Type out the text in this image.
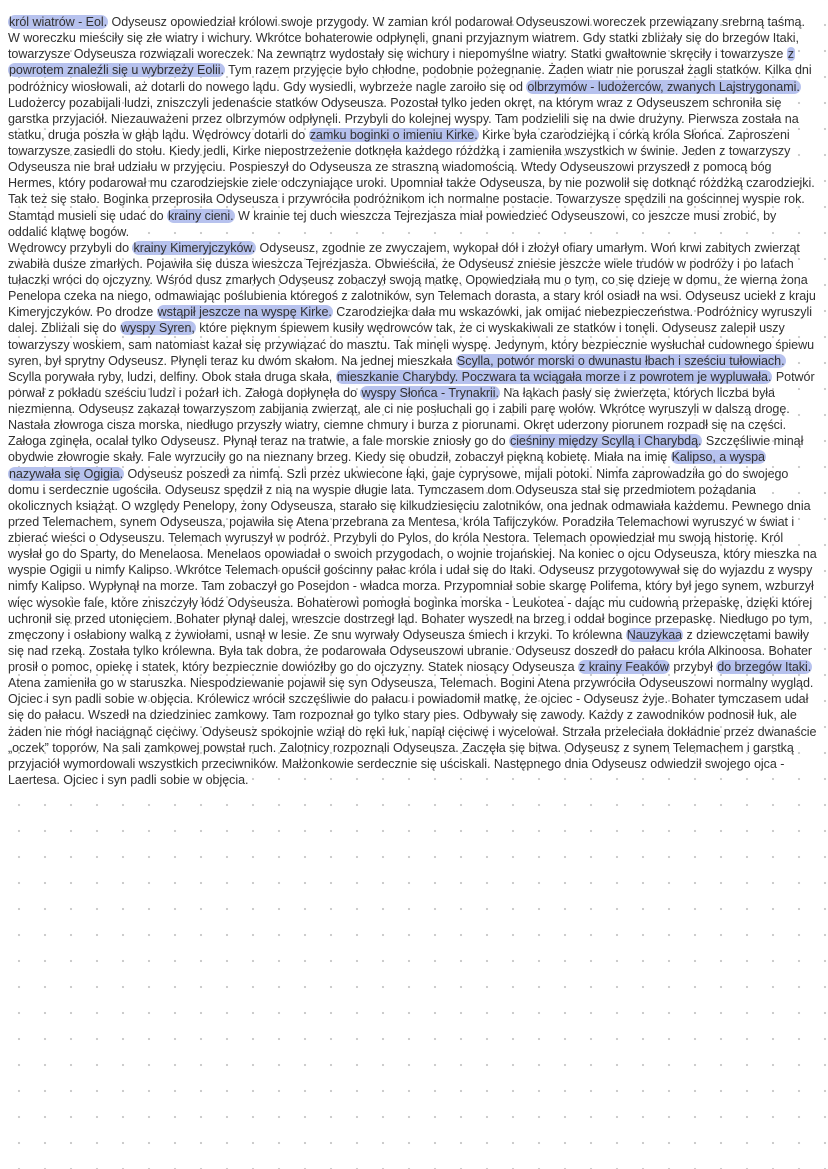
król wiatrów - Eol. Odyseusz opowiedział królowi swoje przygody. W zamian król podarował Odyseuszowi woreczek przewiązany srebrną taśmą. W woreczku mieściły się złe wiatry i wichury. Wkrótce bohaterowie odpłynęli, gnani przyjaznym wiatrem. Gdy statki zbliżały się do brzegów Itaki, towarzysze Odyseusza rozwiązali woreczek. Na zewnątrz wydostały się wichury i niepomyślne wiatry. Statki gwałtownie skręciły i towarzysze z powrotem znaleźli się u wybrzeży Eolii. Tym razem przyjęcie było chłodne, podobnie pożegnanie. Żaden wiatr nie poruszał żagli statków. Kilka dni podróżnicy wiosłowali, aż dotarli do nowego lądu. Gdy wysiedli, wybrzeże nagle zaroiło się od olbrzymów - ludożerców, zwanych Lajstrygonami. Ludożercy pozabijali ludzi, zniszczyli jedenaście statków Odyseusza. Pozostał tylko jeden okręt, na którym wraz z Odyseuszem schroniła się garstka przyjaciół. Niezauważeni przez olbrzymów odpłynęli. Przybyli do kolejnej wyspy. Tam podzielili się na dwie drużyny. Pierwsza została na statku, druga poszła w głąb lądu. Wędrowcy dotarli do zamku boginki o imieniu Kirke. Kirke była czarodziejką i córką króla Słońca. Zaproszeni towarzysze zasiedli do stołu. Kiedy jedli, Kirke niepostrzeżenie dotknęła każdego różdżką i zamieniła wszystkich w świnie. Jeden z towarzyszy Odyseusza nie brał udziału w przyjęciu. Pospieszył do Odyseusza ze straszną wiadomością. Wtedy Odyseuszowi przyszedł z pomocą bóg Hermes, który podarował mu czarodziejskie ziele odczyniające uroki. Upomniał także Odyseusza, by nie pozwolił się dotknąć różdżką czarodziejki. Tak też się stało. Boginka przeprosiła Odyseusza i przywróciła podróżnikom ich normalne postacie. Towarzysze spędzili na gościnnej wyspie rok. Stamtąd musieli się udać do krainy cieni. W krainie tej duch wieszcza Tejrezjasza miał powiedzieć Odyseuszowi, co jeszcze musi zrobić, by oddalić klątwę bogów.

Wędrowcy przybyli do krainy Kimeryjczyków. Odyseusz, zgodnie ze zwyczajem, wykopał dół i złożył ofiary umarłym. Woń krwi zabitych zwierząt zwabiła dusze zmarłych. Pojawiła się dusza wieszcza Tejrezjasza. Obwieściła, że Odyseusz zniesie jeszcze wiele trudów w podróży i po latach tułaczki wróci do ojczyzny. Wśród dusz zmarłych Odyseusz zobaczył swoją matkę. Opowiedziała mu o tym, co się dzieje w domu, że wierna żona Penelopa czeka na niego, odmawiając poślubienia któregoś z zalotników, syn Telemach dorasta, a stary król osiadł na wsi. Odyseusz uciekł z kraju Kimeryjczyków. Po drodze wstąpił jeszcze na wyspę Kirke. Czarodziejka dała mu wskazówki, jak omijać niebezpieczeństwa. Podróżnicy wyruszyli dalej. Zbliżali się do wyspy Syren, które pięknym śpiewem kusiły wędrowców tak, że ci wyskakiwali ze statków i tonęli. Odyseusz zalepił uszy towarzyszy woskiem, sam natomiast kazał się przywiązać do masztu. Tak minęli wyspę. Jedynym, który bezpiecznie wysłuchał cudownego śpiewu syren, był sprytny Odyseusz. Płynęli teraz ku dwóm skałom. Na jednej mieszkała Scylla, potwór morski o dwunastu łbach i sześciu tułowiach. Scylla porywała ryby, ludzi, delfiny. Obok stała druga skała, mieszkanie Charybdy. Poczwara ta wciągała morze i z powrotem je wypluwała. Potwór porwał z pokładu sześciu ludzi i pożarł ich. Załoga dopłynęła do wyspy Słońca - Trynakrii. Na łąkach pasły się zwierzęta, których liczba była niezmienna. Odyseusz zakazał towarzyszom zabijania zwierząt, ale ci nie posłuchali go i zabili parę wołów. Wkrótce wyruszyli w dalszą drogę. Nastała złowroga cisza morska, niedługo przyszły wiatry, ciemne chmury i burza z piorunami. Okręt uderzony piorunem rozpadł się na części. Załoga zginęła, ocalał tylko Odyseusz. Płynął teraz na tratwie, a fale morskie zniosły go do cieśniny między Scyllą i Charybdą. Szczęśliwie minął obydwie złowrogie skały. Fale wyrzuciły go na nieznany brzeg. Kiedy się obudził, zobaczył piękną kobietę. Miała na imię Kalipso, a wyspa nazywała się Ogigia. Odyseusz poszedł za nimfą. Szli przez ukwiecone łąki, gaje cyprysowe, mijali potoki. Nimfa zaprowadziła go do swojego domu i serdecznie ugościła. Odyseusz spędził z nią na wyspie długie lata. Tymczasem dom Odyseusza stał się przedmiotem pożądania okolicznych książąt. O względy Penelopy, żony Odyseusza, starało się kilkudziesięciu zalotników, ona jednak odmawiała każdemu. Pewnego dnia przed Telemachem, synem Odyseusza, pojawiła się Atena przebrana za Mentesa, króla Tafijczyków. Poradziła Telemachowi wyruszyć w świat i zbierać wieści o Odyseuszu. Telemach wyruszył w podróż. Przybyli do Pylos, do króla Nestora. Telemach opowiedział mu swoją historię. Król wysłał go do Sparty, do Menelaosa. Menelaos opowiadał o swoich przygodach, o wojnie trojańskiej. Na koniec o ojcu Odyseusza, który mieszka na wyspie Ogigii u nimfy Kalipso. Wkrótce Telemach opuścił gościnny pałac króla i udał się do Itaki. Odyseusz przygotowywał się do wyjazdu z wyspy nimfy Kalipso. Wypłynął na morze. Tam zobaczył go Posejdon - władca morza. Przypomniał sobie skargę Polifema, który był jego synem, wzburzył więc wysokie fale, które zniszczyły łódź Odyseusza. Bohaterowi pomogła boginka morska - Leukotea - dając mu cudowną przepaskę, dzięki której uchronił się przed utonięciem. Bohater płynął dalej, wreszcie dostrzegł ląd. Bohater wyszedł na brzeg i oddał bogince przepaskę. Niedługo po tym, zmęczony i osłabiony walką z żywiołami, usnął w lesie. Ze snu wyrwały Odyseusza śmiech i krzyki. To królewna Nauzykaa z dziewczętami bawiły się nad rzeką. Została tylko królewna. Była tak dobra, że podarowała Odyseuszowi ubranie. Odyseusz doszedł do pałacu króla Alkinoosa. Bohater prosił o pomoc, opiekę i statek, który bezpiecznie dowiózłby go do ojczyzny. Statek niosący Odyseusza z krainy Feaków przybył do brzegów Itaki. Atena zamieniła go w staruszka. Niespodziewanie pojawił się syn Odyseusza, Telemach. Bogini Atena przywróciła Odyseuszowi normalny wygląd. Ojciec i syn padli sobie w objęcia. Królewicz wrócił szczęśliwie do pałacu i powiadomił matkę, że ojciec - Odyseusz żyje. Bohater tymczasem udał się do pałacu. Wszedł na dziedziniec zamkowy. Tam rozpoznał go tylko stary pies. Odbywały się zawody. Każdy z zawodników podnosił łuk, ale żaden nie mógł naciągnąć cięciwy. Odyseusz spokojnie wziął do ręki łuk, napiął cięciwę i wycelował. Strzała przeleciała dokładnie przez dwanaście „oczek” toporów. Na sali zamkowej powstał ruch. Zalotnicy rozpoznali Odyseusza. Zaczęła się bitwa. Odyseusz z synem Telemachem i garstką przyjaciół wymordowali wszystkich przeciwników. Małżonkowie serdecznie się uściskali. Następnego dnia Odyseusz odwiedził swojego ojca - Laertesa. Ojciec i syn padli sobie w objęcia.
